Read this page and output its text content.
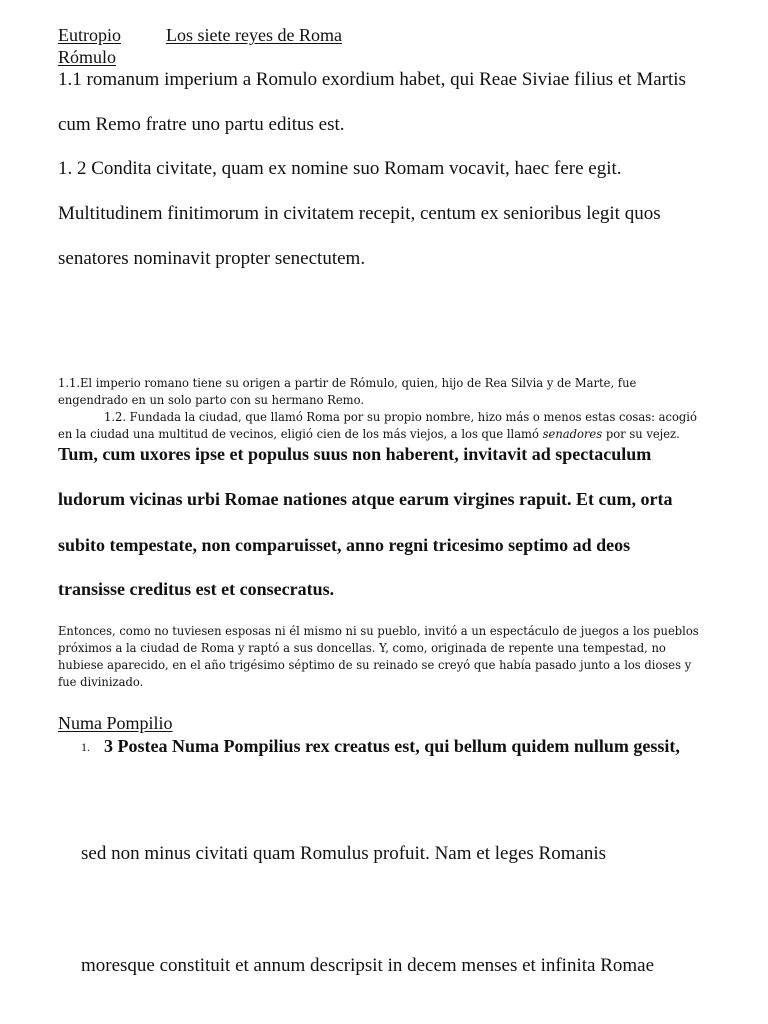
Eutropio	Los siete reyes de Roma
Rómulo
1.1 romanum imperium a Romulo exordium habet, qui Reae Siviae filius et Martis
cum Remo fratre uno partu editus est.
1. 2 Condita civitate, quam ex nomine suo Romam vocavit, haec fere egit.
Multitudinem finitimorum in civitatem recepit, centum ex senioribus legit quos
senatores nominavit propter senectutem.
1.1.El imperio romano tiene su origen a partir de Rómulo, quien, hijo de Rea Silvia y de Marte, fue
engendrado en un solo parto con su hermano Remo.
1.2. Fundada la ciudad, que llamó Roma por su propio nombre, hizo más o menos estas cosas: acogió
en la ciudad una multitud de vecinos, eligió cien de los más viejos, a los que llamó senadores por su vejez.
Tum, cum uxores ipse et populus suus non haberent, invitavit ad spectaculum
ludorum vicinas urbi Romae nationes atque earum virgines rapuit. Et cum, orta
subito tempestate, non comparuisset, anno regni tricesimo septimo ad deos
transisse creditus est et consecratus.
Entonces, como no tuviesen esposas ni él mismo ni su pueblo, invitó a un espectáculo de juegos a los pueblos
próximos a la ciudad de Roma y raptó a sus doncellas. Y, como, originada de repente una tempestad, no
hubiese aparecido, en el año trigésimo séptimo de su reinado se creyó que había pasado junto a los dioses y
fue divinizado.
Numa Pompilio
1. 3 Postea Numa Pompilius rex creatus est, qui bellum quidem nullum gessit,
sed non minus civitati quam Romulus profuit. Nam et leges Romanis
moresque constituit et annum descripsit in decem menses et infinita Romae
